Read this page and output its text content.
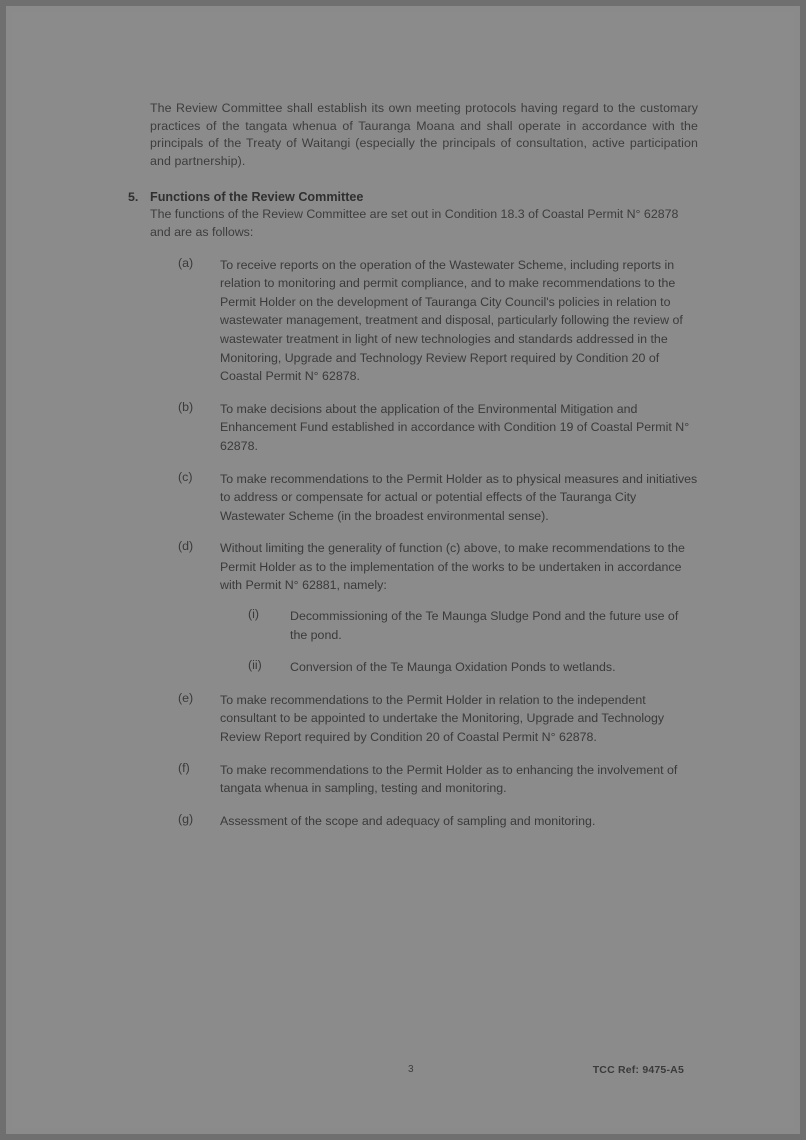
The Review Committee shall establish its own meeting protocols having regard to the customary practices of the tangata whenua of Tauranga Moana and shall operate in accordance with the principals of the Treaty of Waitangi (especially the principals of consultation, active participation and partnership).

5. Functions of the Review Committee
The functions of the Review Committee are set out in Condition 18.3 of Coastal Permit N° 62878 and are as follows:
(a)	To receive reports on the operation of the Wastewater Scheme, including reports in relation to monitoring and permit compliance, and to make recommendations to the Permit Holder on the development of Tauranga City Council's policies in relation to wastewater management, treatment and disposal, particularly following the review of wastewater treatment in light of new technologies and standards addressed in the Monitoring, Upgrade and Technology Review Report required by Condition 20 of Coastal Permit N° 62878.
(b)	To make decisions about the application of the Environmental Mitigation and Enhancement Fund established in accordance with Condition 19 of Coastal Permit N° 62878.
(c)	To make recommendations to the Permit Holder as to physical measures and initiatives to address or compensate for actual or potential effects of the Tauranga City Wastewater Scheme (in the broadest environmental sense).
(d)	Without limiting the generality of function (c) above, to make recommendations to the Permit Holder as to the implementation of the works to be undertaken in accordance with Permit N° 62881, namely:
(i)	Decommissioning of the Te Maunga Sludge Pond and the future use of the pond.
(ii)	Conversion of the Te Maunga Oxidation Ponds to wetlands.
(e)	To make recommendations to the Permit Holder in relation to the independent consultant to be appointed to undertake the Monitoring, Upgrade and Technology Review Report required by Condition 20 of Coastal Permit N° 62878.
(f)	To make recommendations to the Permit Holder as to enhancing the involvement of tangata whenua in sampling, testing and monitoring.
(g)	Assessment of the scope and adequacy of sampling and monitoring.
3	TCC Ref: 9475-A5
